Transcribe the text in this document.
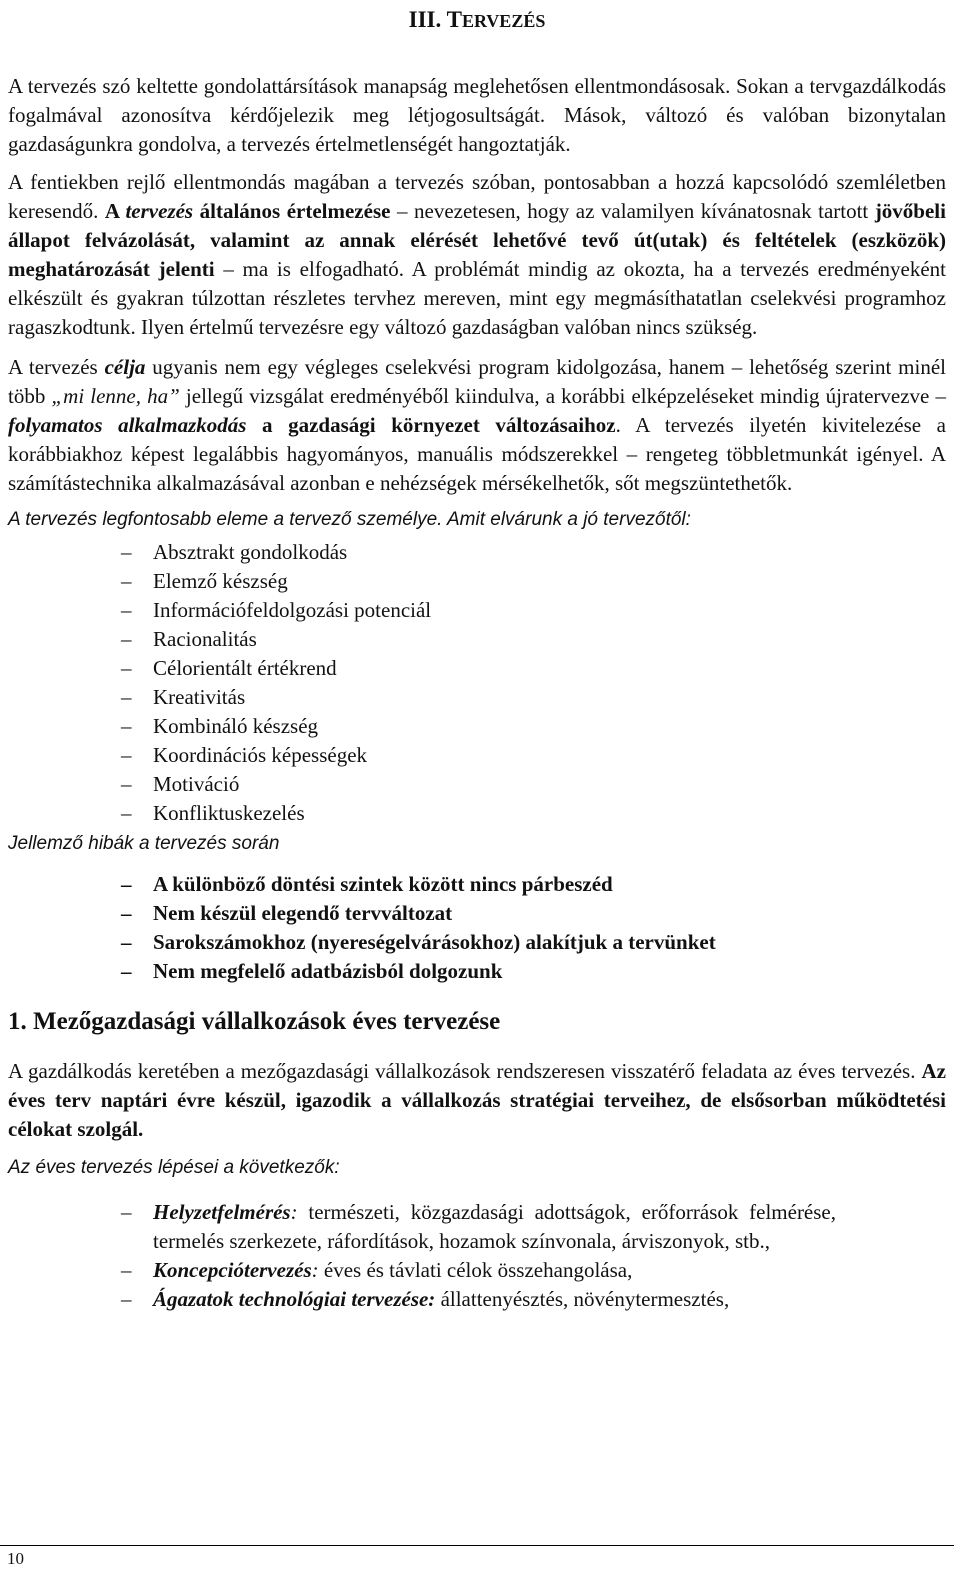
III. TERVEZÉS

A tervezés szó keltette gondolattársítások manapság meglehetősen ellentmondásosak. Sokan a tervgazdálkodás fogalmával azonosítva kérdőjelezik meg létjogosultságát. Mások, változó és valóban bizonytalan gazdaságunkra gondolva, a tervezés értelmetlenségét hangoztatják.

A fentiekben rejlő ellentmondás magában a tervezés szóban, pontosabban a hozzá kapcsolódó szemléletben keresendő. A tervezés általános értelmezése – nevezetesen, hogy az valamilyen kívánatosnak tartott jövőbeli állapot felvázolását, valamint az annak elérését lehetővé tevő út(utak) és feltételek (eszközök) meghatározását jelenti – ma is elfogadható. A problémát mindig az okozta, ha a tervezés eredményeként elkészült és gyakran túlzottan részletes tervhez mereven, mint egy megmásíthatatlan cselekvési programhoz ragaszkodtunk. Ilyen értelmű tervezésre egy változó gazdaságban valóban nincs szükség.

A tervezés célja ugyanis nem egy végleges cselekvési program kidolgozása, hanem – lehetőség szerint minél több „mi lenne, ha” jellegű vizsgálat eredményéből kiindulva, a korábbi elképzeléseket mindig újratervezve – folyamatos alkalmazkodás a gazdasági környezet változásaihoz. A tervezés ilyetén kivitelezése a korábbiakhoz képest legalábbis hagyományos, manuális módszerekkel – rengeteg többletmunkát igényel. A számítástechnika alkalmazásával azonban e nehézségek mérsékelhetők, sőt megszüntethetők.

A tervezés legfontosabb eleme a tervező személye. Amit elvárunk a jó tervezőtől:

– Absztrakt gondolkodás
– Elemző készség
– Információfeldolgozási potenciál
– Racionalitás
– Célorientált értékrend
– Kreativitás
– Kombináló készség
– Koordinációs képességek
– Motiváció
– Konfliktuskezelés

Jellemző hibák a tervezés során

– A különböző döntési szintek között nincs párbeszéd
– Nem készül elegendő tervváltozat
– Sarokszámokhoz (nyereségelvárásokhoz) alakítjuk a tervünket
– Nem megfelelő adatbázisból dolgozunk
1. Mezőgazdasági vállalkozások éves tervezése

A gazdálkodás keretében a mezőgazdasági vállalkozások rendszeresen visszatérő feladata az éves tervezés. Az éves terv naptári évre készül, igazodik a vállalkozás stratégiai terveihez, de elsősorban működtetési célokat szolgál.

Az éves tervezés lépései a következők:

– Helyzetfelmérés: természeti, közgazdasági adottságok, erőforrások felmérése, termelés szerkezete, ráfordítások, hozamok színvonala, árviszonyok, stb.,
– Koncepciótervezés: éves és távlati célok összehangolása,
– Ágazatok technológiai tervezése: állattenyésztés, növénytermesztés,
10
